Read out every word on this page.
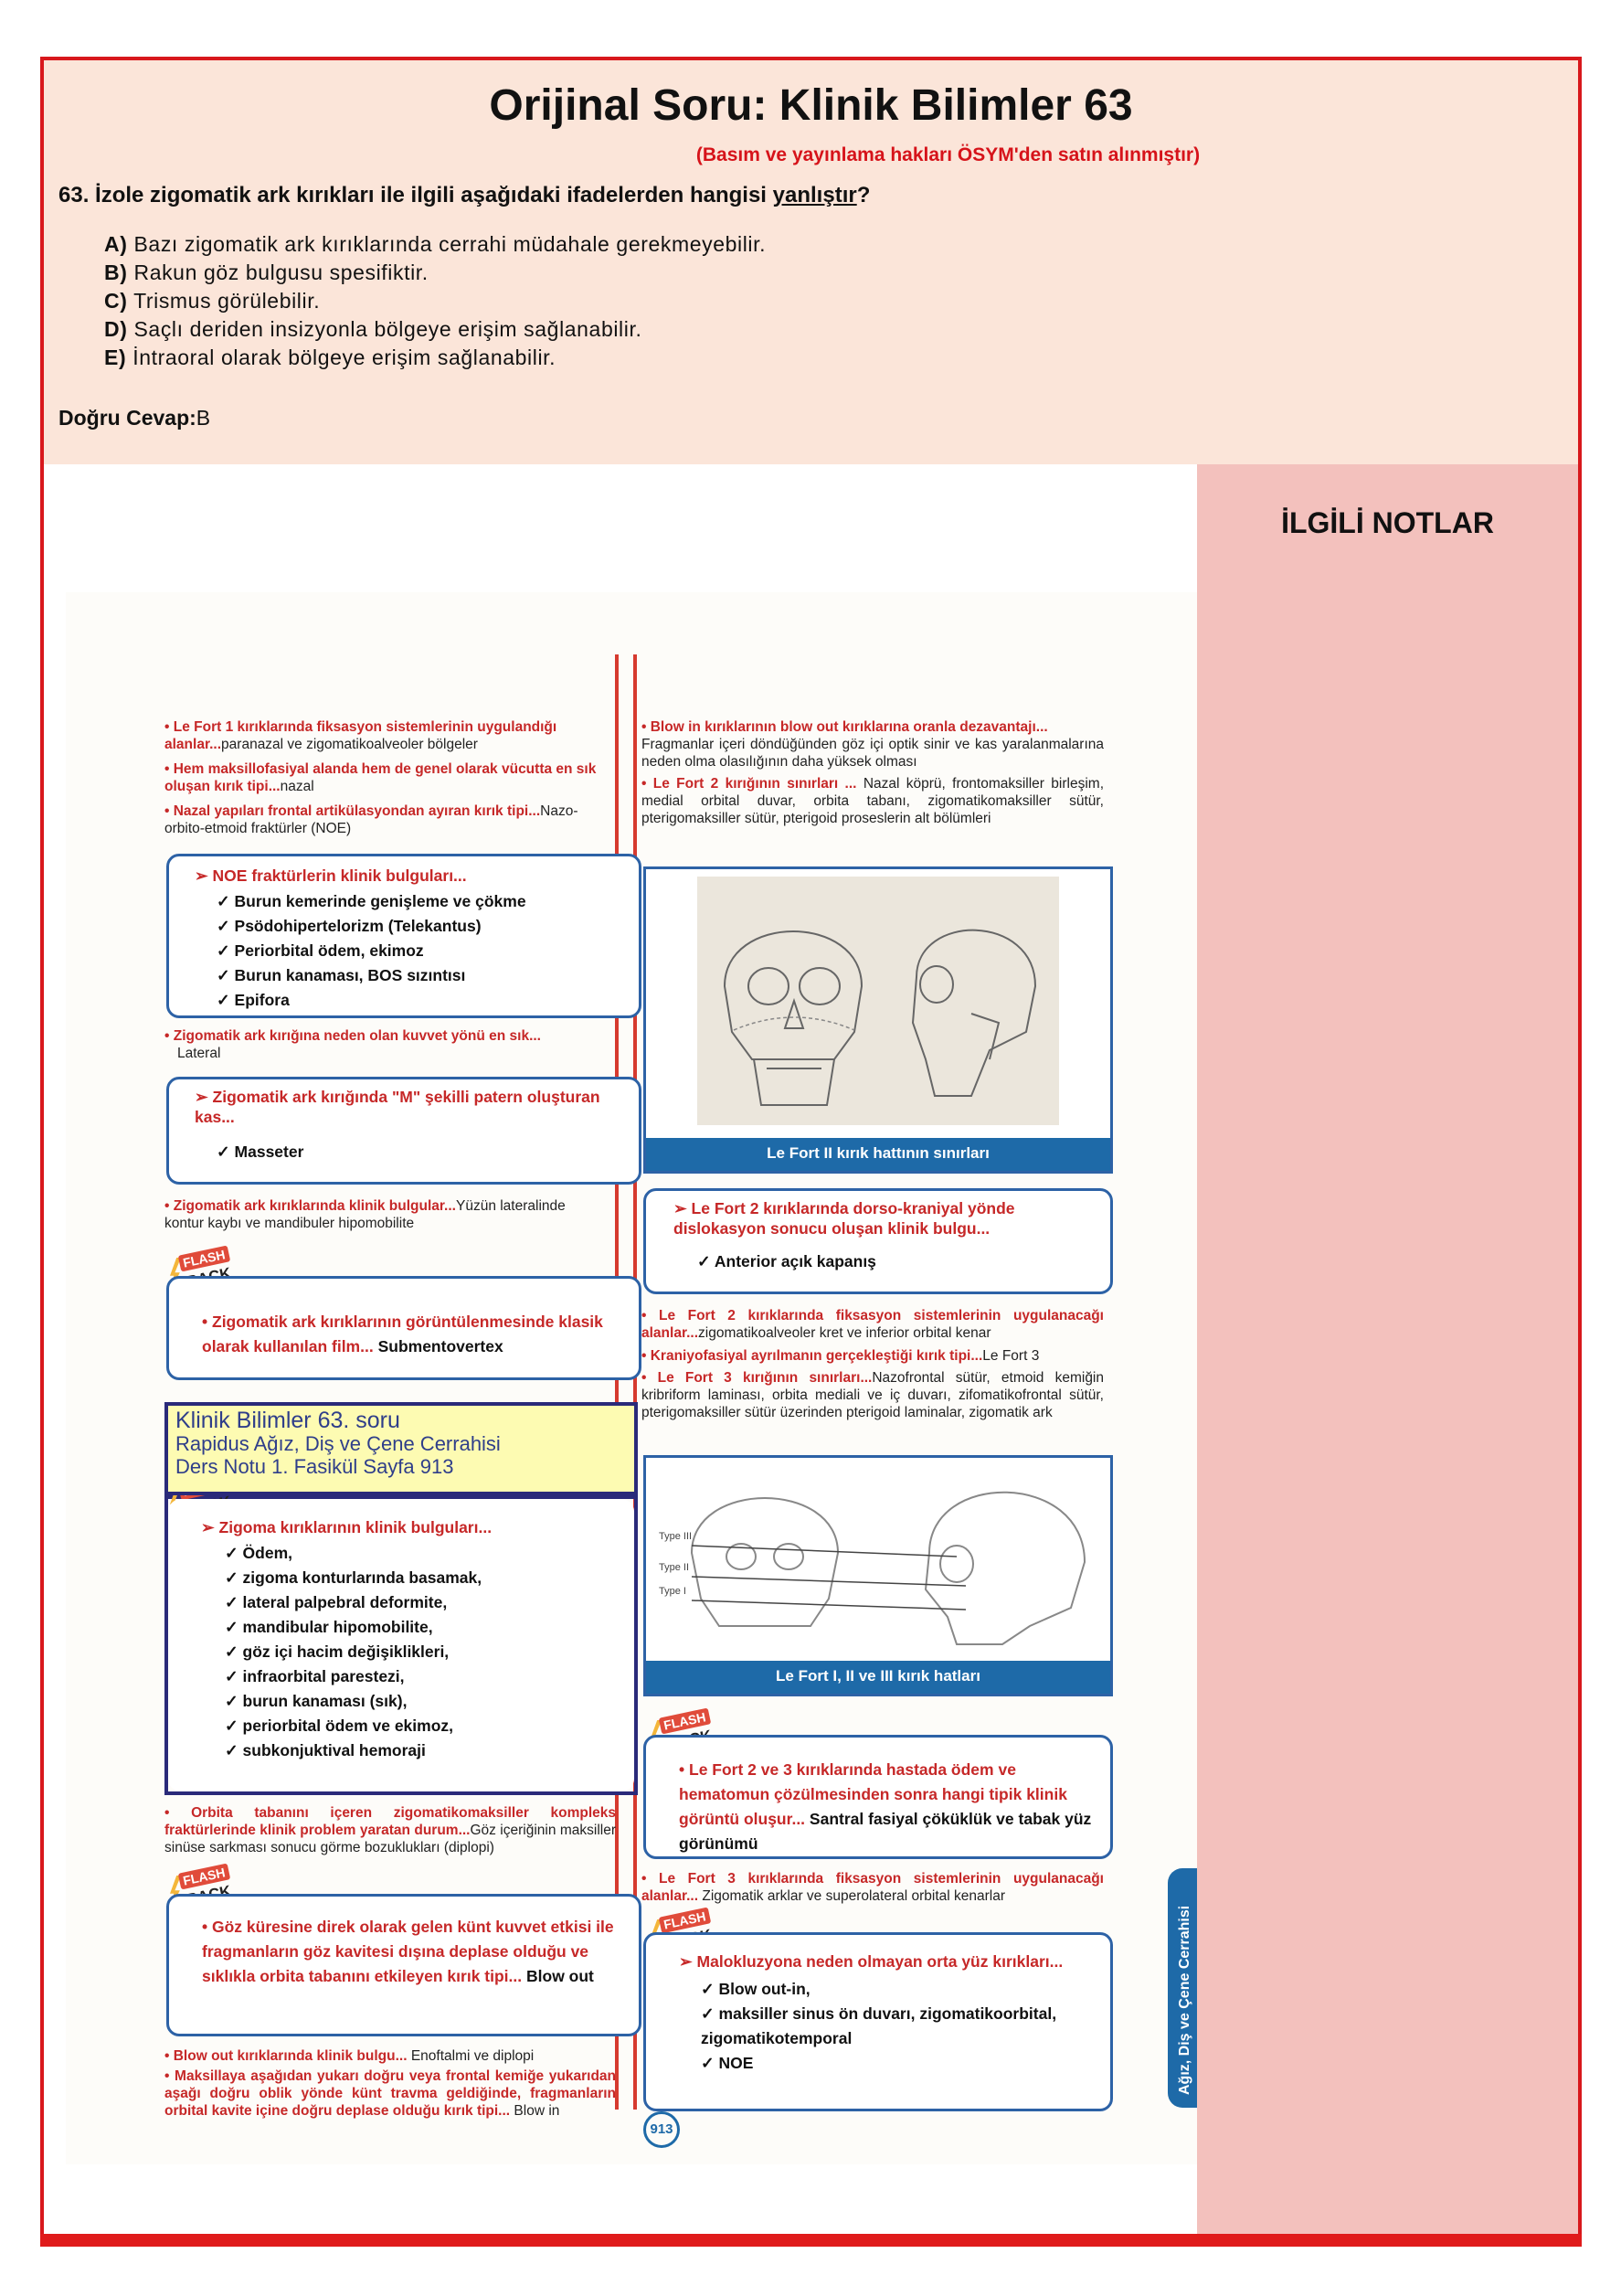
Orijinal Soru: Klinik Bilimler 63
(Basım ve yayınlama hakları ÖSYM'den satın alınmıştır)
63. İzole zigomatik ark kırıkları ile ilgili aşağıdaki ifadelerden hangisi yanlıştır?
A) Bazı zigomatik ark kırıklarında cerrahi müdahale gerekmeyebilir.
B) Rakun göz bulgusu spesifiktir.
C) Trismus görülebilir.
D) Saçlı deriden insizyonla bölgeye erişim sağlanabilir.
E) İntraoral olarak bölgeye erişim sağlanabilir.
Doğru Cevap:B
İLGİLİ NOTLAR
• Le Fort 1 kırıklarında fiksasyon sistemlerinin uygulandığı alanlar...paranazal ve zigomatikoalveoler bölgeler
• Hem maksillofasiyal alanda hem de genel olarak vücutta en sık oluşan kırık tipi...nazal
• Nazal yapıları frontal artikülasyondan ayıran kırık tipi...Nazo-orbito-etmoid fraktürler (NOE)
➢ NOE fraktürlerin klinik bulguları...
✓ Burun kemerinde genişleme ve çökme
✓ Psödohipertelorizm (Telekantus)
✓ Periorbital ödem, ekimoz
✓ Burun kanaması, BOS sızıntısı
✓ Epifora
• Zigomatik ark kırığına neden olan kuvvet yönü en sık...
Lateral
➢ Zigomatik ark kırığında "M" şekilli patern oluşturan kas...
✓ Masseter
• Zigomatik ark kırıklarında klinik bulgular...Yüzün lateralinde kontur kaybı ve mandibuler hipomobilite
FLASH
• Zigomatik ark kırıklarının görüntülenmesinde klasik olarak kullanılan film... Submentovertex
➢ Zigoma kırıklarının klinik bulguları...
✓ Ödem,
✓ zigoma konturlarında basamak,
✓ lateral palpebral deformite,
✓ mandibular hipomobilite,
✓ göz içi hacim değişiklikleri,
✓ infraorbital parestezi,
✓ burun kanaması (sık),
✓ periorbital ödem ve ekimoz,
✓ subkonjuktival hemoraji
Klinik Bilimler 63. soru
Rapidus Ağız, Diş ve Çene Cerrahisi
Ders Notu 1. Fasikül Sayfa 913
• Orbita tabanını içeren zigomatikomaksiller kompleks fraktürlerinde klinik problem yaratan durum...Göz içeriğinin maksiller sinüse sarkması sonucu görme bozuklukları (diplopi)
FLASH
• Göz küresine direk olarak gelen künt kuvvet etkisi ile fragmanların göz kavitesi dışına deplase olduğu ve sıklıkla orbita tabanını etkileyen kırık tipi... Blow out
• Blow out kırıklarında klinik bulgu... Enoftalmi ve diplopi
• Maksillaya aşağıdan yukarı doğru veya frontal kemiğe yukarıdan aşağı doğru oblik yönde künt travma geldiğinde, fragmanların orbital kavite içine doğru deplase olduğu kırık tipi... Blow in
• Blow in kırıklarının blow out kırıklarına oranla dezavantajı...
Fragmanlar içeri döndüğünden göz içi optik sinir ve kas yaralanmalarına neden olma olasılığının daha yüksek olması
• Le Fort 2 kırığının sınırları ... Nazal köprü, frontomaksiller birleşim, medial orbital duvar, orbita tabanı, zigomatikomaksiller sütür, pterigomaksiller sütür, pterigoid proseslerin alt bölümleri
Le Fort II kırık hattının sınırları
➢ Le Fort 2 kırıklarında dorso-kraniyal yönde dislokasyon sonucu oluşan klinik bulgu...
✓ Anterior açık kapanış
• Le Fort 2 kırıklarında fiksasyon sistemlerinin uygulanacağı alanlar...zigomatikoalveoler kret ve inferior orbital kenar
• Kraniyofasiyal ayrılmanın gerçekleştiği kırık tipi...Le Fort 3
• Le Fort 3 kırığının sınırları...Nazofrontal sütür, etmoid kemiğin kribriform laminası, orbita mediali ve iç duvarı, zifomatikofrontal sütür, pterigomaksiller sütür üzerinden pterigoid laminalar, zigomatik ark
Type III
Type II
Type I
Le Fort I, II ve III kırık hatları
FLASH
• Le Fort 2 ve 3 kırıklarında hastada ödem ve hematomun çözülmesinden sonra hangi tipik klinik görüntü oluşur... Santral fasiyal çöküklük ve tabak yüz görünümü
• Le Fort 3 kırıklarında fiksasyon sistemlerinin uygulanacağı alanlar... Zigomatik arklar ve superolateral orbital kenarlar
FLASH
➢ Malokluzyona neden olmayan orta yüz kırıkları...
✓ Blow out-in,
✓ maksiller sinus ön duvarı, zigomatikoorbital, zigomatikotemporal
✓ NOE	Ağız, Diş ve Çene Cerrahisi
913
